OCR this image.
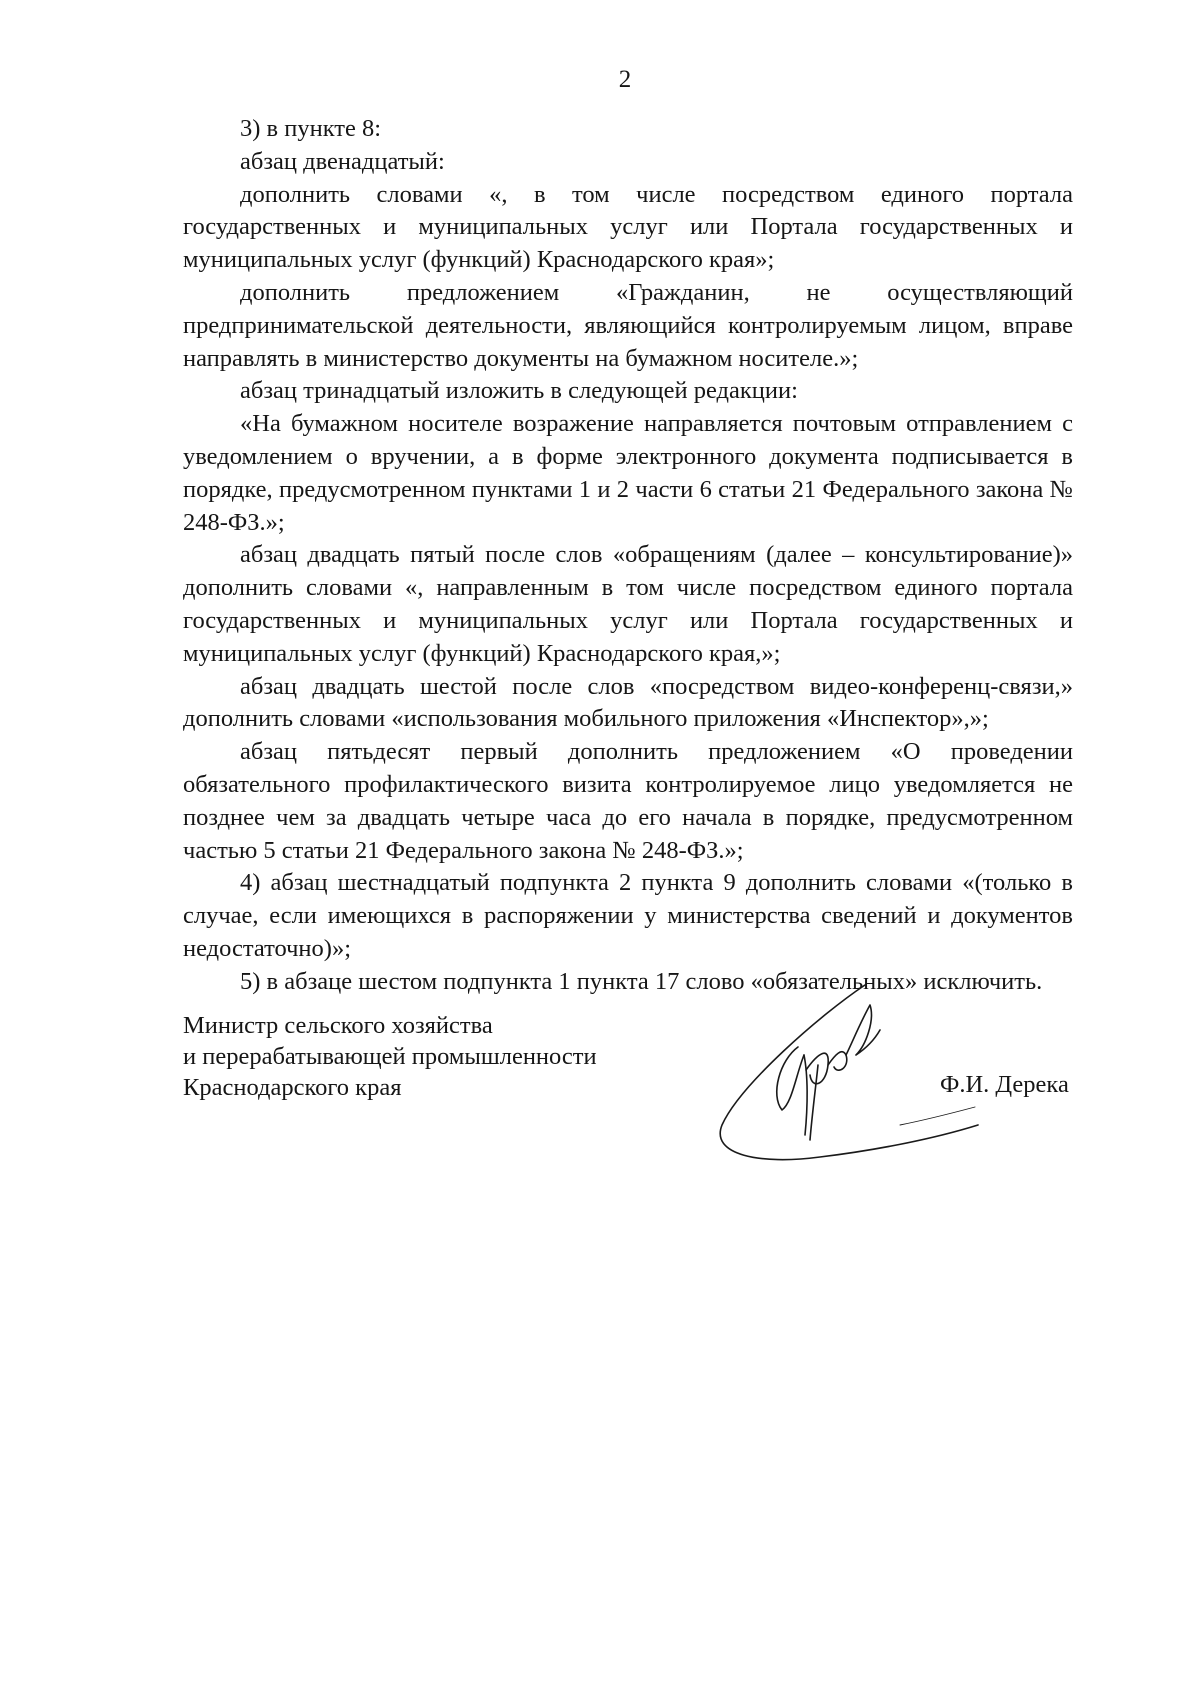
2

3) в пункте 8:

абзац двенадцатый:

дополнить словами «, в том числе посредством единого портала государственных и муниципальных услуг или Портала государственных и муниципальных услуг (функций) Краснодарского края»;

дополнить предложением «Гражданин, не осуществляющий предпринимательской деятельности, являющийся контролируемым лицом, вправе направлять в министерство документы на бумажном носителе.»;

абзац тринадцатый изложить в следующей редакции:

«На бумажном носителе возражение направляется почтовым отправлением с уведомлением о вручении, а в форме электронного документа подписывается в порядке, предусмотренном пунктами 1 и 2 части 6 статьи 21 Федерального закона № 248-ФЗ.»;

абзац двадцать пятый после слов «обращениям (далее – консультирование)» дополнить словами «, направленным в том числе посредством единого портала государственных и муниципальных услуг или Портала государственных и муниципальных услуг (функций) Краснодарского края,»;

абзац двадцать шестой после слов «посредством видео-конференц-связи,» дополнить словами «использования мобильного приложения «Инспектор»,»;

абзац пятьдесят первый дополнить предложением «О проведении обязательного профилактического визита контролируемое лицо уведомляется не позднее чем за двадцать четыре часа до его начала в порядке, предусмотренном частью 5 статьи 21 Федерального закона № 248-ФЗ.»;

4) абзац шестнадцатый подпункта 2 пункта 9 дополнить словами «(только в случае, если имеющихся в распоряжении у министерства сведений и документов недостаточно)»;

5) в абзаце шестом подпункта 1 пункта 17 слово «обязательных» исключить.

Министр сельского хозяйства
и перерабатывающей промышленности
Краснодарского края	Ф.И. Дерека
